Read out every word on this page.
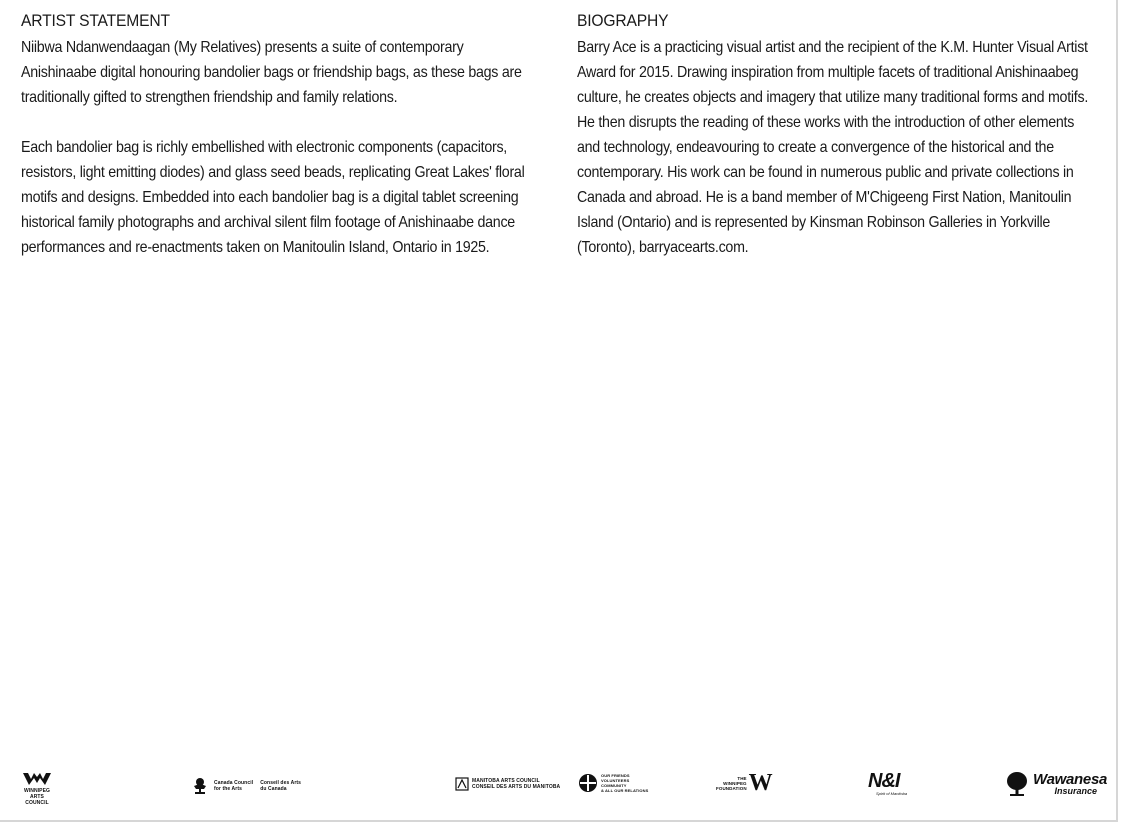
ARTIST STATEMENT

Niibwa Ndanwendaagan (My Relatives) presents a suite of contemporary Anishinaabe digital honouring bandolier bags or friendship bags, as these bags are traditionally gifted to strengthen friendship and family relations.

Each bandolier bag is richly embellished with electronic components (capacitors, resistors, light emitting diodes) and glass seed beads, replicating Great Lakes' floral motifs and designs. Embedded into each bandolier bag is a digital tablet screening historical family photographs and archival silent film footage of Anishinaabe dance performances and re-enactments taken on Manitoulin Island, Ontario in 1925.

BIOGRAPHY

Barry Ace is a practicing visual artist and the recipient of the K.M. Hunter Visual Artist Award for 2015. Drawing inspiration from multiple facets of traditional Anishinaabeg culture, he creates objects and imagery that utilize many traditional forms and motifs. He then disrupts the reading of these works with the introduction of other elements and technology, endeavouring to create a convergence of the historical and the contemporary. His work can be found in numerous public and private collections in Canada and abroad. He is a band member of M'Chigeeng First Nation, Manitoulin Island (Ontario) and is represented by Kinsman Robinson Galleries in Yorkville (Toronto), barryacearts.com.

WINNIPEG
ARTS COUNCIL
Canada Council
for the Arts
Conseil des Arts
du Canada
MANITOBA ARTS COUNCIL
CONSEIL DES ARTS DU MANITOBA
OUR FRIENDS
VOLUNTEERS
COMMUNITY
& ALL OUR RELATIONS
THE
WINNIPEG
FOUNDATION W	N&I
Spirit of Manitoba
Wawanesa
Insurance
